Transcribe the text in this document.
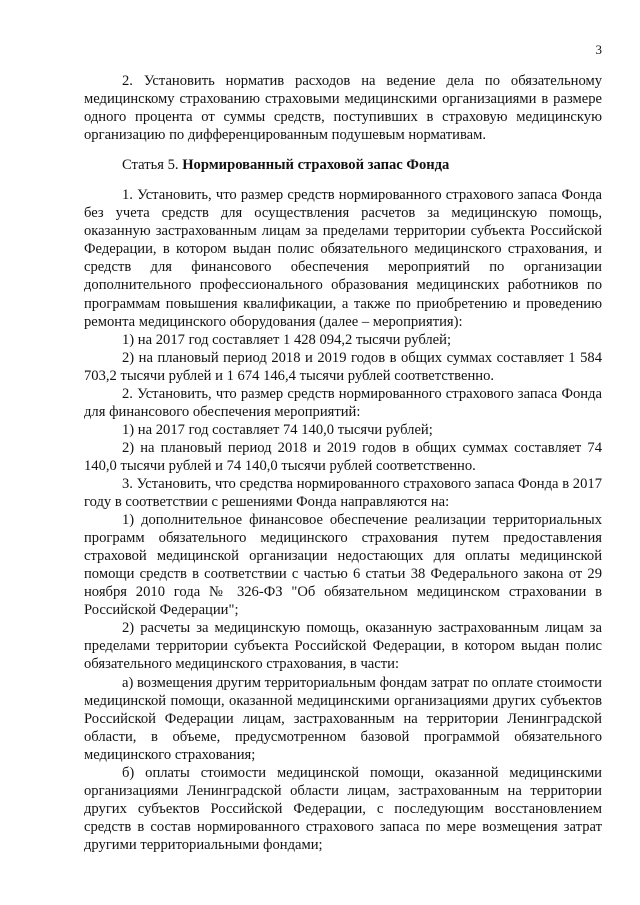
3

2. Установить норматив расходов на ведение дела по обязательному медицинскому страхованию страховыми медицинскими организациями в размере одного процента от суммы средств, поступивших в страховую медицинскую организацию по дифференцированным подушевым нормативам.

Статья 5. Нормированный страховой запас Фонда

1. Установить, что размер средств нормированного страхового запаса Фонда без учета средств для осуществления расчетов за медицинскую помощь, оказанную застрахованным лицам за пределами территории субъекта Российской Федерации, в котором выдан полис обязательного медицинского страхования, и средств для финансового обеспечения мероприятий по организации дополнительного профессионального образования медицинских работников по программам повышения квалификации, а также по приобретению и проведению ремонта медицинского оборудования (далее – мероприятия):

1) на 2017 год составляет 1 428 094,2 тысячи рублей;

2) на плановый период 2018 и 2019 годов в общих суммах составляет 1 584 703,2 тысячи рублей и 1 674 146,4 тысячи рублей соответственно.

2. Установить, что размер средств нормированного страхового запаса Фонда для финансового обеспечения мероприятий:

1) на 2017 год составляет 74 140,0 тысячи рублей;

2) на плановый период 2018 и 2019 годов в общих суммах составляет 74 140,0 тысячи рублей и 74 140,0 тысячи рублей соответственно.

3. Установить, что средства нормированного страхового запаса Фонда в 2017 году в соответствии с решениями Фонда направляются на:

1) дополнительное финансовое обеспечение реализации территориальных программ обязательного медицинского страхования путем предоставления страховой медицинской организации недостающих для оплаты медицинской помощи средств в соответствии с частью 6 статьи 38 Федерального закона от 29 ноября 2010 года № 326-ФЗ "Об обязательном медицинском страховании в Российской Федерации";

2) расчеты за медицинскую помощь, оказанную застрахованным лицам за пределами территории субъекта Российской Федерации, в котором выдан полис обязательного медицинского страхования, в части:

а) возмещения другим территориальным фондам затрат по оплате стоимости медицинской помощи, оказанной медицинскими организациями других субъектов Российской Федерации лицам, застрахованным на территории Ленинградской области, в объеме, предусмотренном базовой программой обязательного медицинского страхования;

б) оплаты стоимости медицинской помощи, оказанной медицинскими организациями Ленинградской области лицам, застрахованным на территории других субъектов Российской Федерации, с последующим восстановлением средств в состав нормированного страхового запаса по мере возмещения затрат другими территориальными фондами;
